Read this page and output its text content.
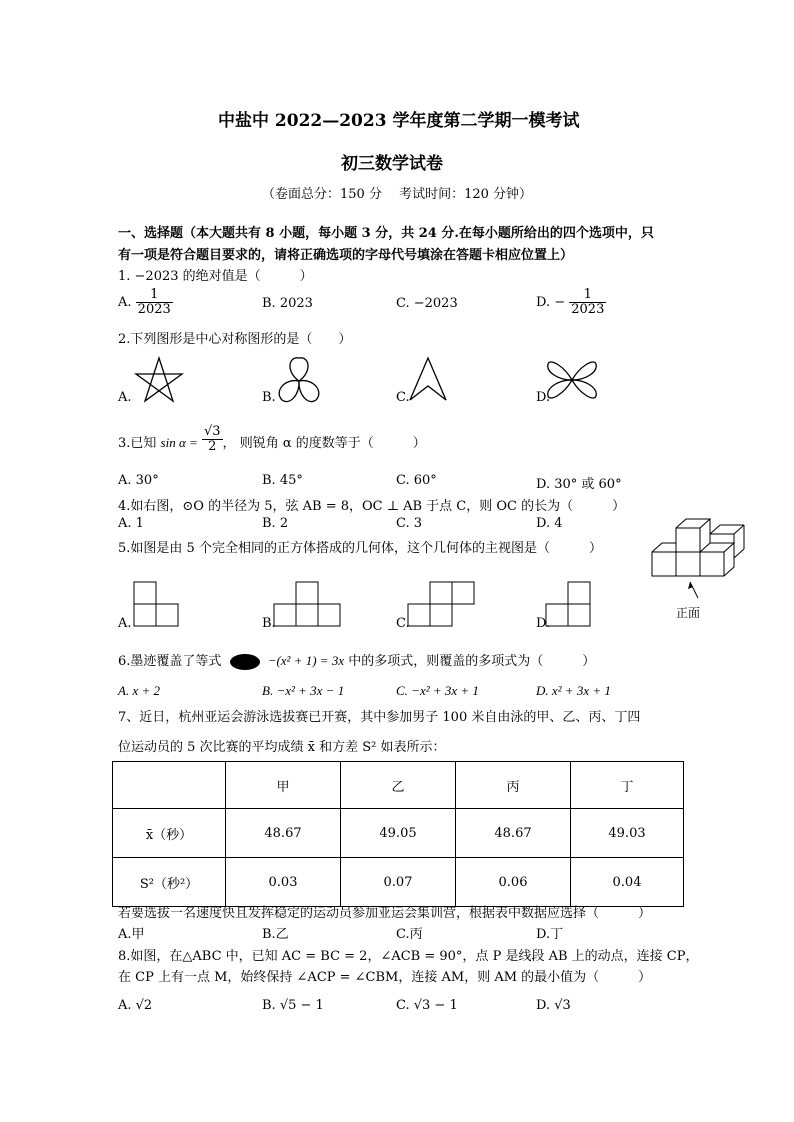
中盐中 2022—2023 学年度第二学期一模考试
初三数学试卷
（卷面总分：150 分　 考试时间：120 分钟）
一、选择题（本大题共有 8 小题，每小题 3 分，共 24 分.在每小题所给出的四个选项中，只
有一项是符合题目要求的，请将正确选项的字母代号填涂在答题卡相应位置上）
1. −2023 的绝对值是（　　　）
A. $\frac{1}{2023}$	B. 2023	C. −2023	D. − $\frac{1}{2023}$
2.下列图形是中心对称图形的是（　　）
A.	B.	C.	D.
3.已知 $\sin \alpha = \frac{√3}{2}$ ， 则锐角 α 的度数等于（　　　）
A. 30°	B. 45°	C. 60°	D. 30° 或 60°
4.如右图，⊙O 的半径为 5，弦 AB = 8，OC ⊥ AB 于点 C，则 OC 的长为（　　　）
A. 1	B. 2	C. 3	D. 4
5.如图是由 5 个完全相同的正方体搭成的几何体，这个几何体的主视图是（　　　）
正面
A.	B.	C.	D.
6.墨迹覆盖了等式	−(x² + 1) = 3x 中的多项式，则覆盖的多项式为（　　　）
A. x + 2	B. −x² + 3x − 1	C. −x² + 3x + 1	D. x² + 3x + 1
7、近日，杭州亚运会游泳选拔赛已开赛，其中参加男子 100 米自由泳的甲、乙、丙、丁四
位运动员的 5 次比赛的平均成绩 x̄ 和方差 S² 如表所示：
	甲	乙	丙	丁
x̄（秒）	48.67	49.05	48.67	49.03
S²（秒²）	0.03	0.07	0.06	0.04
若要选拔一名速度快且发挥稳定的运动员参加亚运会集训营，根据表中数据应选择（　　　）
A.甲	B.乙	C.丙	D.丁
8.如图，在△ABC 中，已知 AC = BC = 2，∠ACB = 90°，点 P 是线段 AB 上的动点，连接 CP，
在 CP 上有一点 M，始终保持 ∠ACP = ∠CBM，连接 AM，则 AM 的最小值为（　　　）
A. √2	B. √5 − 1	C. √3 − 1	D. √3
